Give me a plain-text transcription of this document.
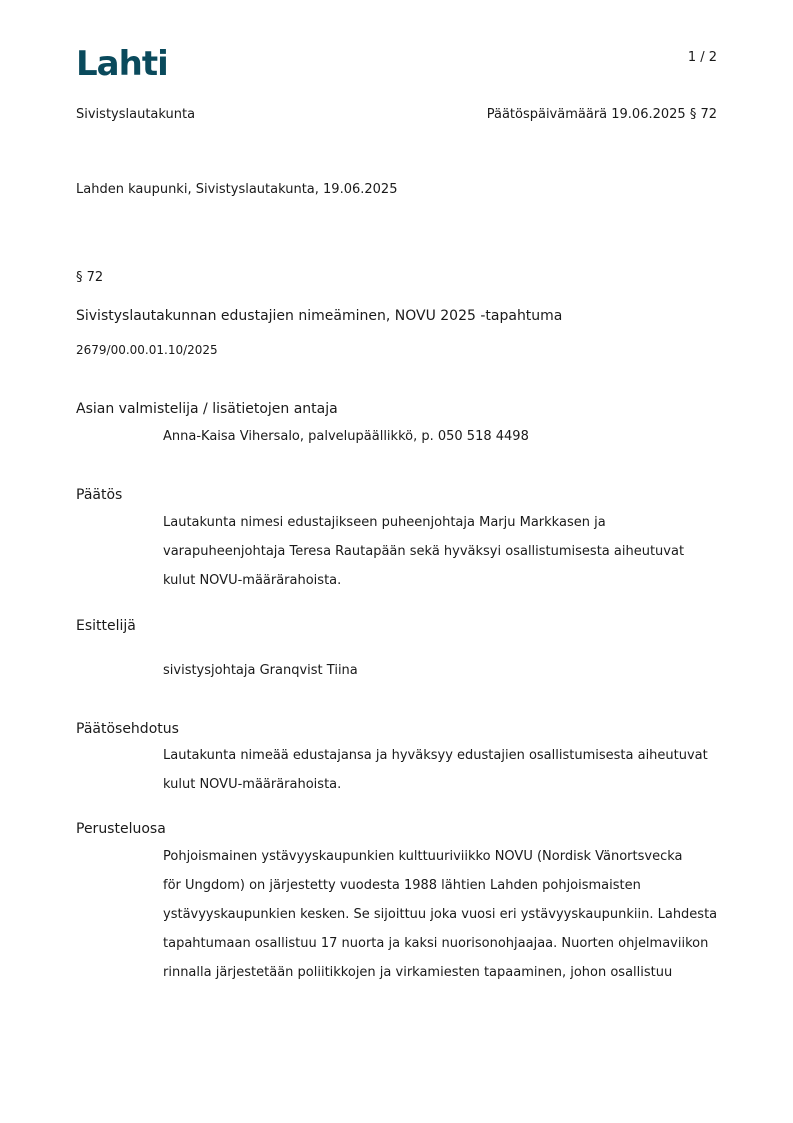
Lahti	1 / 2
Sivistyslautakunta	Päätöspäivämäärä 19.06.2025 § 72
Lahden kaupunki, Sivistyslautakunta, 19.06.2025
§ 72
Sivistyslautakunnan edustajien nimeäminen, NOVU 2025 -tapahtuma
2679/00.00.01.10/2025
Asian valmistelija / lisätietojen antaja
Anna-Kaisa Vihersalo, palvelupäällikkö, p. 050 518 4498
Päätös
Lautakunta nimesi edustajikseen puheenjohtaja Marju Markkasen ja
varapuheenjohtaja Teresa Rautapään sekä hyväksyi osallistumisesta aiheutuvat
kulut NOVU-määrärahoista.
Esittelijä
sivistysjohtaja Granqvist Tiina
Päätösehdotus
Lautakunta nimeää edustajansa ja hyväksyy edustajien osallistumisesta aiheutuvat
kulut NOVU-määrärahoista.
Perusteluosa
Pohjoismainen ystävyyskaupunkien kulttuuriviikko NOVU (Nordisk Vänortsvecka
för Ungdom) on järjestetty vuodesta 1988 lähtien Lahden pohjoismaisten
ystävyyskaupunkien kesken. Se sijoittuu joka vuosi eri ystävyyskaupunkiin. Lahdesta
tapahtumaan osallistuu 17 nuorta ja kaksi nuorisonohjaajaa. Nuorten ohjelmaviikon
rinnalla järjestetään poliitikkojen ja virkamiesten tapaaminen, johon osallistuu
